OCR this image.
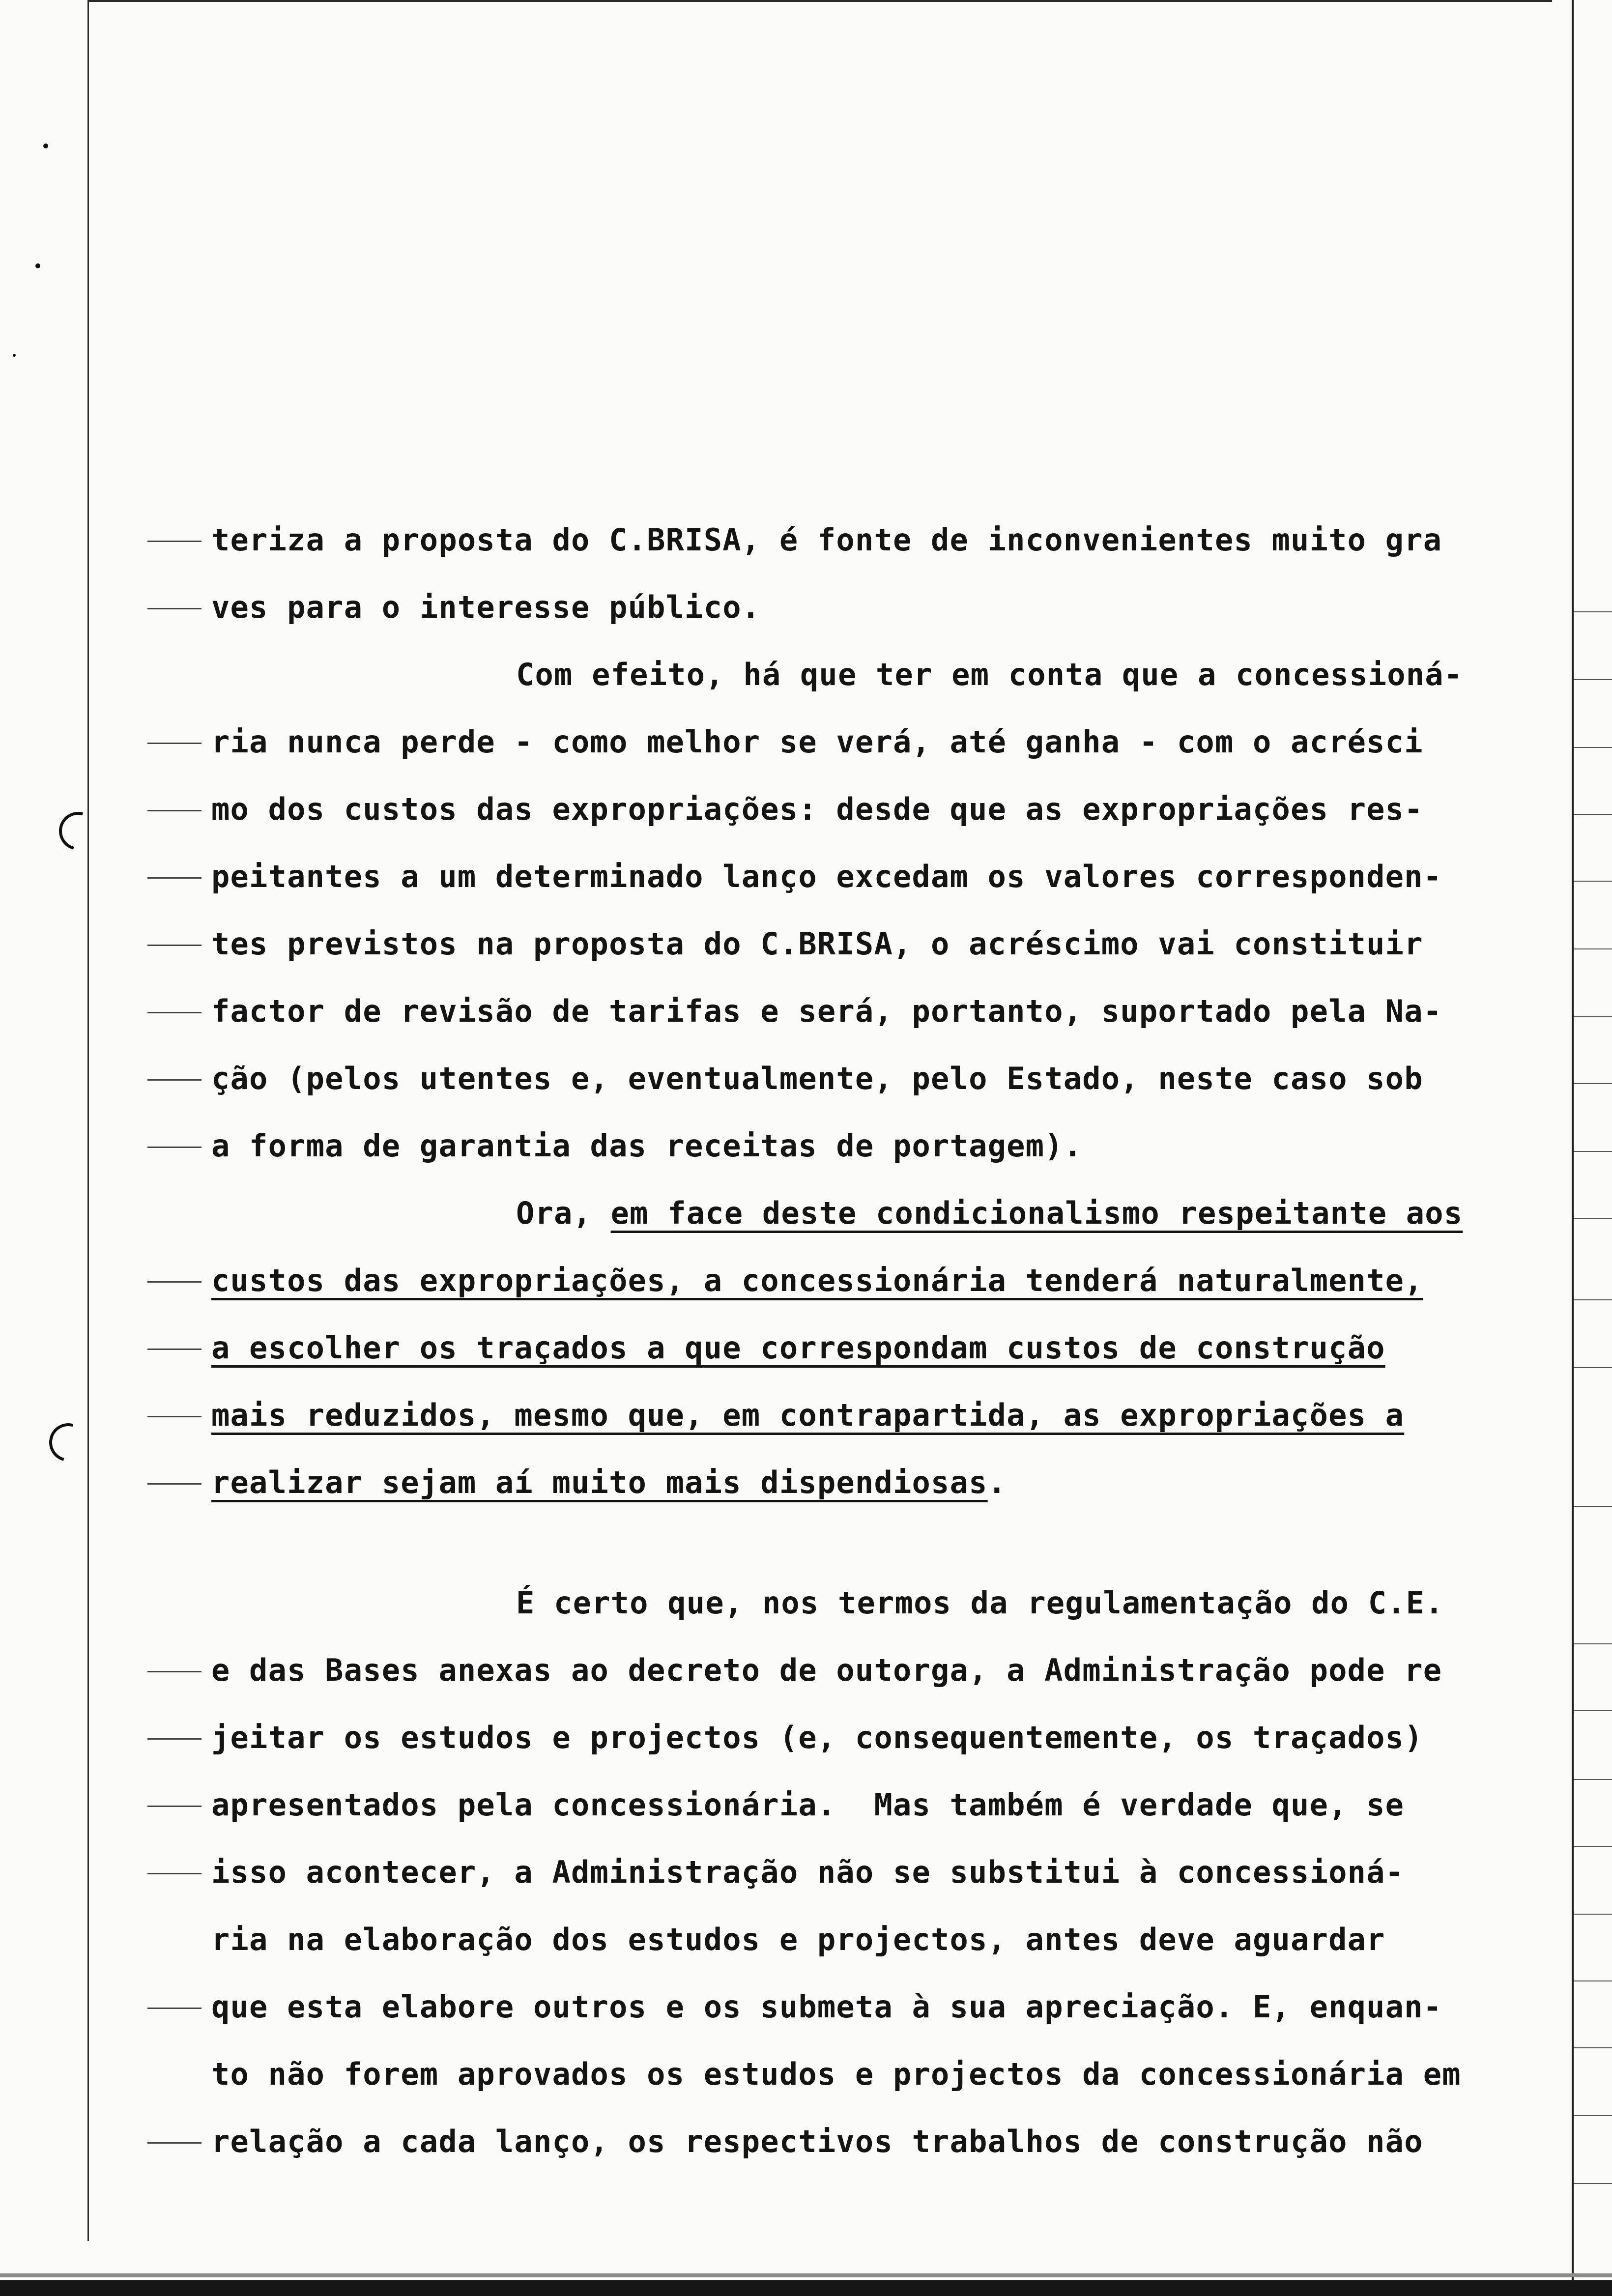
teriza a proposta do C.BRISA, é fonte de inconvenientes muito gra
ves para o interesse público.
Com efeito, há que ter em conta que a concessioná-
ria nunca perde - como melhor se verá, até ganha - com o acrésci
mo dos custos das expropriações: desde que as expropriações res-
peitantes a um determinado lanço excedam os valores corresponden-
tes previstos na proposta do C.BRISA, o acréscimo vai constituir
factor de revisão de tarifas e será, portanto, suportado pela Na-
ção (pelos utentes e, eventualmente, pelo Estado, neste caso sob
a forma de garantia das receitas de portagem).
Ora, em face deste condicionalismo respeitante aos
custos das expropriações, a concessionária tenderá naturalmente,
a escolher os traçados a que correspondam custos de construção
mais reduzidos, mesmo que, em contrapartida, as expropriações a
realizar sejam aí muito mais dispendiosas.
É certo que, nos termos da regulamentação do C.E.
e das Bases anexas ao decreto de outorga, a Administração pode re
jeitar os estudos e projectos (e, consequentemente, os traçados)
apresentados pela concessionária.  Mas também é verdade que, se
isso acontecer, a Administração não se substitui à concessioná-
ria na elaboração dos estudos e projectos, antes deve aguardar
que esta elabore outros e os submeta à sua apreciação. E, enquan-
to não forem aprovados os estudos e projectos da concessionária em
relação a cada lanço, os respectivos trabalhos de construção não
